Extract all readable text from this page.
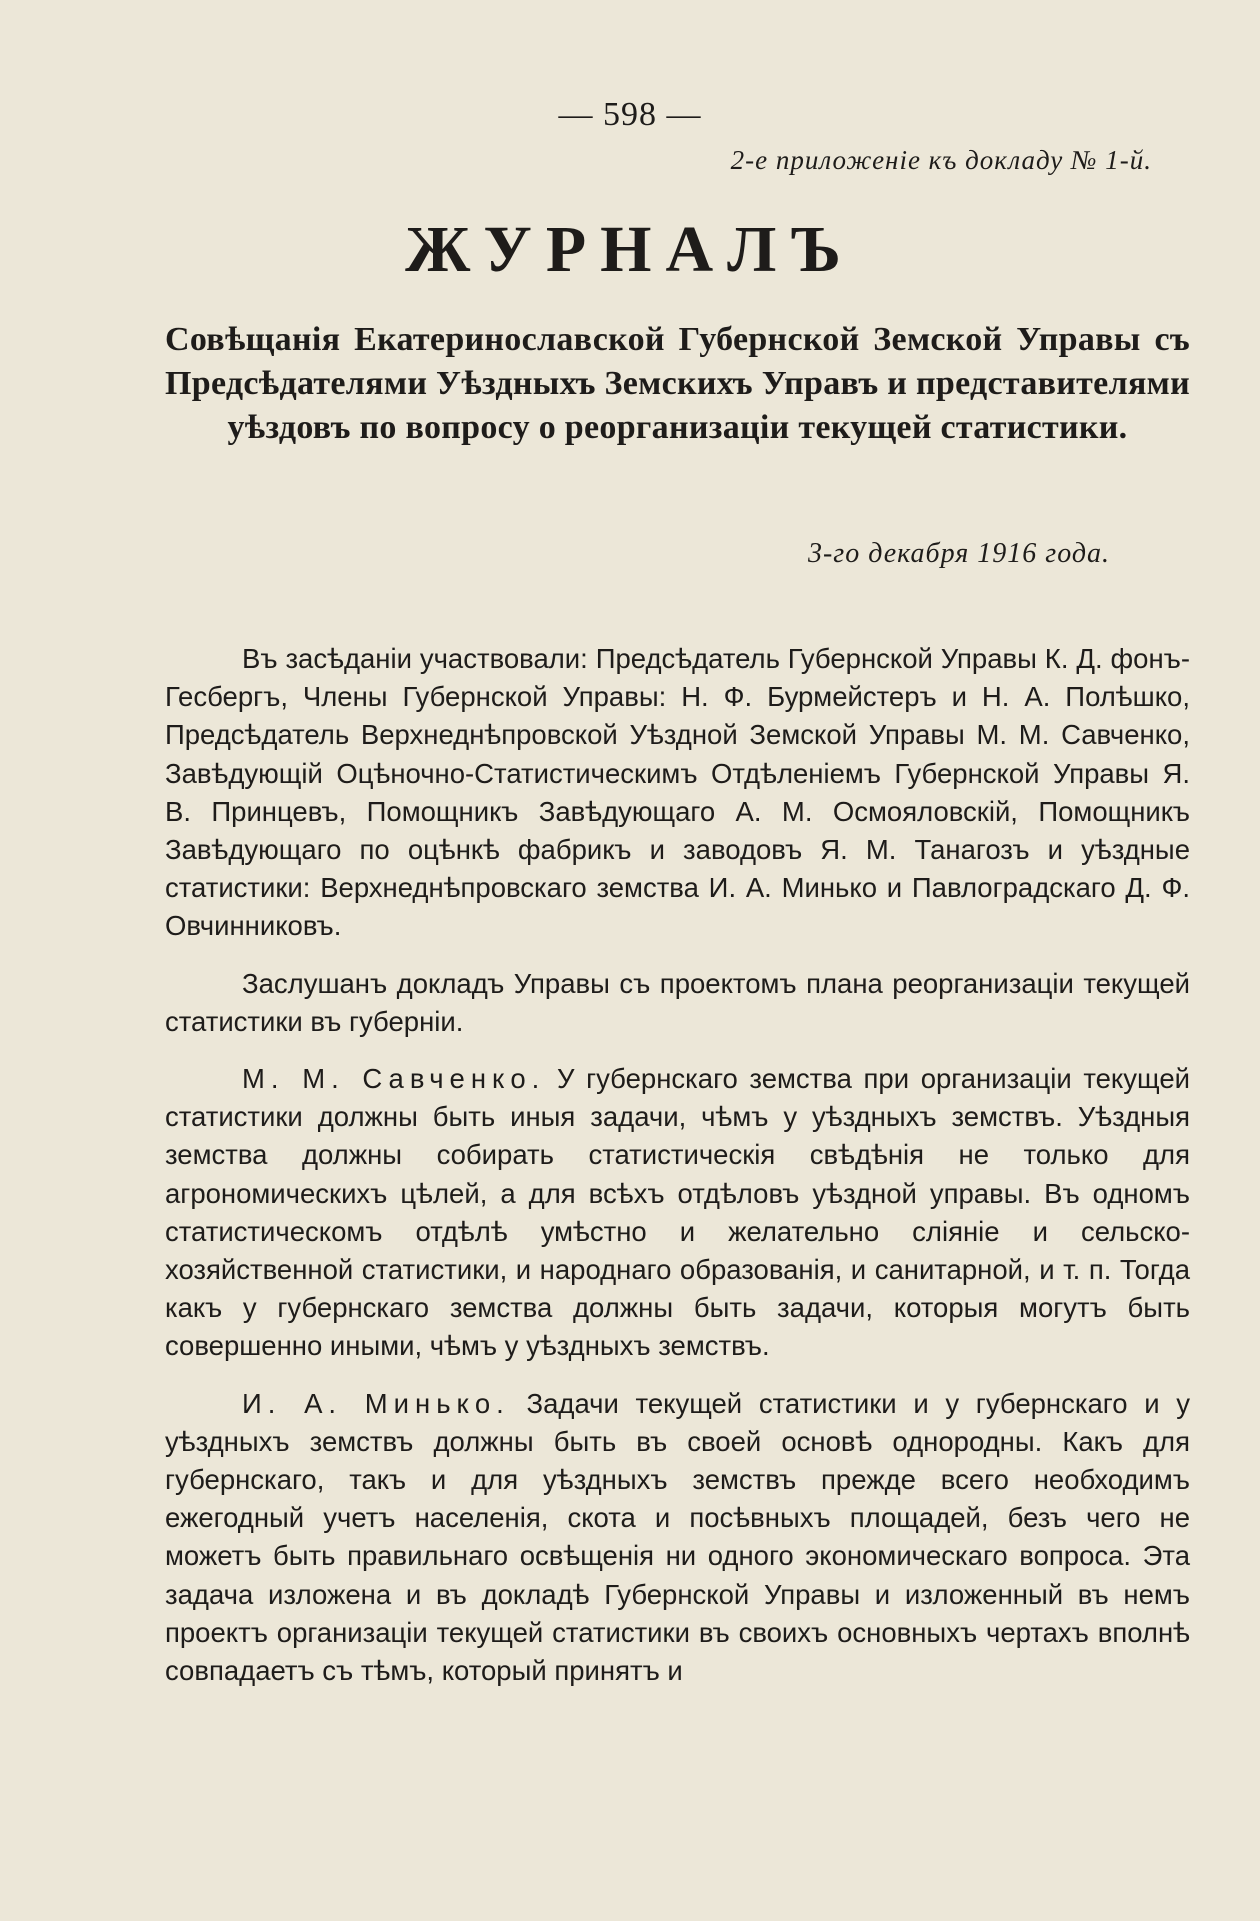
— 598 —
2-е приложеніе къ докладу № 1-й.
ЖУРНАЛЪ
Совѣщанія Екатеринославской Губернской Земской Управы съ Предсѣдателями Уѣздныхъ Земскихъ Управъ и представителями уѣздовъ по вопросу о реорганизаціи текущей статистики.
3-го декабря 1916 года.

Въ засѣданіи участвовали: Предсѣдатель Губернской Управы К. Д. фонъ-Гесбергъ, Члены Губернской Управы: Н. Ф. Бурмейстеръ и Н. А. Полѣшко, Предсѣдатель Верхнеднѣпровской Уѣздной Земской Управы М. М. Савченко, Завѣдующій Оцѣночно-Статистическимъ Отдѣленіемъ Губернской Управы Я. В. Принцевъ, Помощникъ Завѣдующаго А. М. Осмояловскій, Помощникъ Завѣдующаго по оцѣнкѣ фабрикъ и заводовъ Я. М. Танагозъ и уѣздные статистики: Верхнеднѣпровскаго земства И. А. Минько и Павлоградскаго Д. Ф. Овчинниковъ.

Заслушанъ докладъ Управы съ проектомъ плана реорганизаціи текущей статистики въ губерніи.

М. М. Савченко. У губернскаго земства при организаціи текущей статистики должны быть иныя задачи, чѣмъ у уѣздныхъ земствъ. Уѣздныя земства должны собирать статистическія свѣдѣнія не только для агрономическихъ цѣлей, а для всѣхъ отдѣловъ уѣздной управы. Въ одномъ статистическомъ отдѣлѣ умѣстно и желательно сліяніе и сельско-хозяйственной статистики, и народнаго образованія, и санитарной, и т. п. Тогда какъ у губернскаго земства должны быть задачи, которыя могутъ быть совершенно иными, чѣмъ у уѣздныхъ земствъ.

И. А. Минько. Задачи текущей статистики и у губернскаго и у уѣздныхъ земствъ должны быть въ своей основѣ однородны. Какъ для губернскаго, такъ и для уѣздныхъ земствъ прежде всего необходимъ ежегодный учетъ населенія, скота и посѣвныхъ площадей, безъ чего не можетъ быть правильнаго освѣщенія ни одного экономическаго вопроса. Эта задача изложена и въ докладѣ Губернской Управы и изложенный въ немъ проектъ организаціи текущей статистики въ своихъ основныхъ чертахъ вполнѣ совпадаетъ съ тѣмъ, который принятъ и
